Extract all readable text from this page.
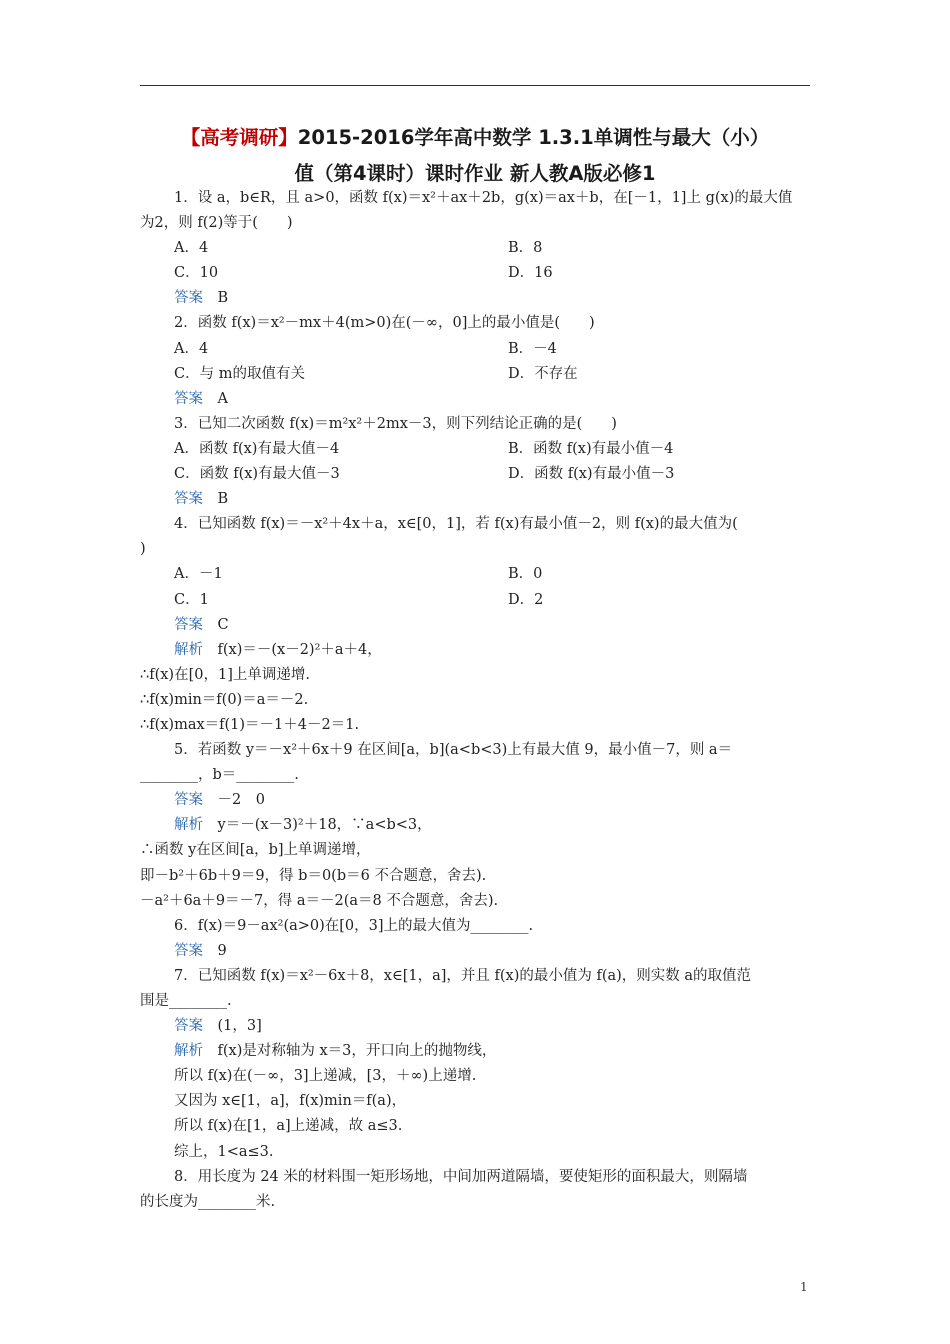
【高考调研】2015-2016学年高中数学 1.3.1单调性与最大（小）
值（第4课时）课时作业 新人教A版必修1
1．设 a，b∈R，且 a>0，函数 f(x)＝x²＋ax＋2b，g(x)＝ax＋b，在[－1，1]上 g(x)的最大值
为2，则 f(2)等于(　　)
A．4	B．8
C．10	D．16
答案　 B
2．函数 f(x)＝x²－mx＋4(m>0)在(－∞，0]上的最小值是(　　)
A．4	B．－4
C．与 m的取值有关	D．不存在
答案　 A
3．已知二次函数 f(x)＝m²x²＋2mx－3，则下列结论正确的是(　　)
A．函数 f(x)有最大值－4	B．函数 f(x)有最小值－4
C．函数 f(x)有最大值－3	D．函数 f(x)有最小值－3
答案　 B
4．已知函数 f(x)＝－x²＋4x＋a，x∈[0，1]，若 f(x)有最小值－2，则 f(x)的最大值为(
)
A．－1	B．0
C．1	D．2
答案　 C
解析　 f(x)＝－(x－2)²＋a＋4，
∴f(x)在[0，1]上单调递增.
∴f(x)min＝f(0)＝a＝－2.
∴f(x)max＝f(1)＝－1＋4－2＝1.
5．若函数 y＝－x²＋6x＋9 在区间[a，b](a<b<3)上有最大值 9，最小值－7，则 a＝
________，b＝________.
答案　 －2　0
解析　 y＝－(x－3)²＋18，∵a<b<3，
∴函数 y在区间[a，b]上单调递增，
即－b²＋6b＋9＝9，得 b＝0(b＝6 不合题意，舍去).
－a²＋6a＋9＝－7，得 a＝－2(a＝8 不合题意，舍去).
6．f(x)＝9－ax²(a>0)在[0，3]上的最大值为________.
答案　 9
7．已知函数 f(x)＝x²－6x＋8，x∈[1，a]，并且 f(x)的最小值为 f(a)，则实数 a的取值范
围是________.
答案　 (1，3]
解析　 f(x)是对称轴为 x＝3，开口向上的抛物线，
所以 f(x)在(－∞，3]上递减，[3，＋∞)上递增.
又因为 x∈[1，a]，f(x)min＝f(a)，
所以 f(x)在[1，a]上递减，故 a≤3.
综上，1<a≤3.
8．用长度为 24 米的材料围一矩形场地，中间加两道隔墙，要使矩形的面积最大，则隔墙
的长度为________米.
1
